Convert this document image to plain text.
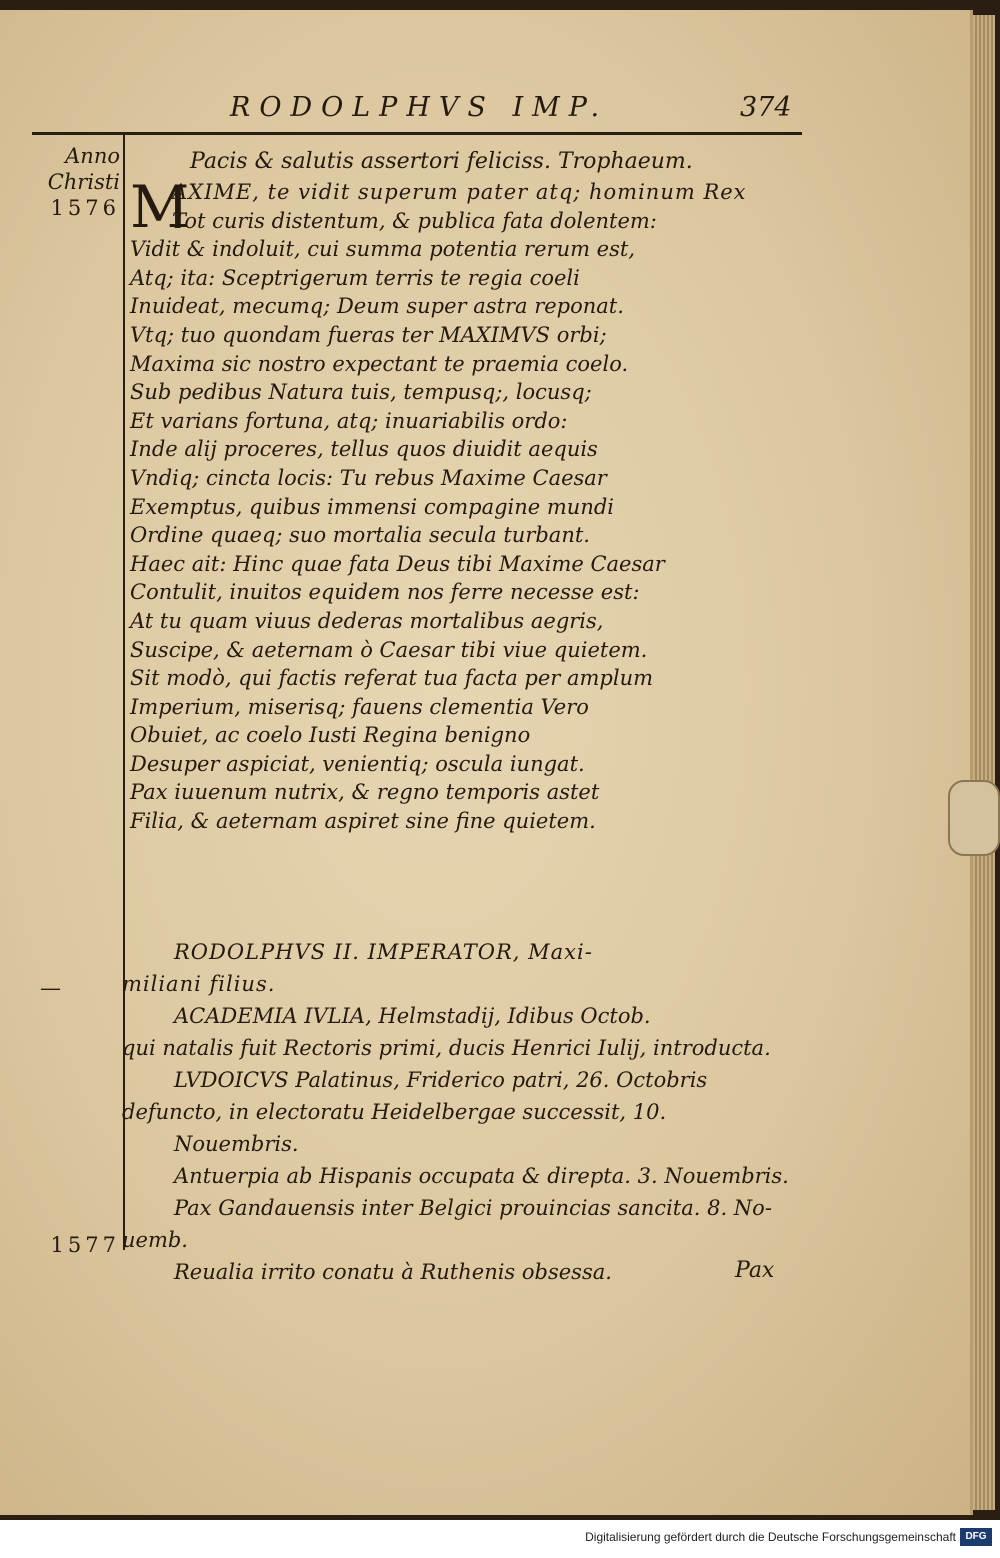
RODOLPHVS IMP.	374
Anno
Christi
1576
—
1577
Pacis & salutis assertori feliciss. Trophaeum.
M
AXIME, te vidit superum pater atq; hominum Rex
Tot curis distentum, & publica fata dolentem:
Vidit & indoluit, cui summa potentia rerum est,
Atq; ita: Sceptrigerum terris te regia coeli
Inuideat, mecumq; Deum super astra reponat.
Vtq; tuo quondam fueras ter MAXIMVS orbi;
Maxima sic nostro expectant te praemia coelo.
Sub pedibus Natura tuis, tempusq;, locusq;
Et varians fortuna, atq; inuariabilis ordo:
Inde alij proceres, tellus quos diuidit aequis
Vndiq; cincta locis: Tu rebus Maxime Caesar
Exemptus, quibus immensi compagine mundi
Ordine quaeq; suo mortalia secula turbant.
Haec ait: Hinc quae fata Deus tibi Maxime Caesar
Contulit, inuitos equidem nos ferre necesse est:
At tu quam viuus dederas mortalibus aegris,
Suscipe, & aeternam ò Caesar tibi viue quietem.
Sit modò, qui factis referat tua facta per amplum
Imperium, miserisq; fauens clementia Vero
Obuiet, ac coelo Iusti Regina benigno
Desuper aspiciat, venientiq; oscula iungat.
Pax iuuenum nutrix, & regno temporis astet
Filia, & aeternam aspiret sine fine quietem.

RODOLPHVS II. IMPERATOR, Maxi-
miliani filius.

ACADEMIA IVLIA, Helmstadij, Idibus Octob.
qui natalis fuit Rectoris primi, ducis Henrici Iulij, introducta.

LVDOICVS Palatinus, Friderico patri, 26. Octobris
defuncto, in electoratu Heidelbergae successit, 10. Nouembris.

Antuerpia ab Hispanis occupata & direpta. 3. Nouembris.

Pax Gandauensis inter Belgici prouincias sancita. 8. No-
uemb.

Reualia irrito conatu à Ruthenis obsessa.	Pax
Digitalisierung gefördert durch die Deutsche Forschungsgemeinschaft DFG
